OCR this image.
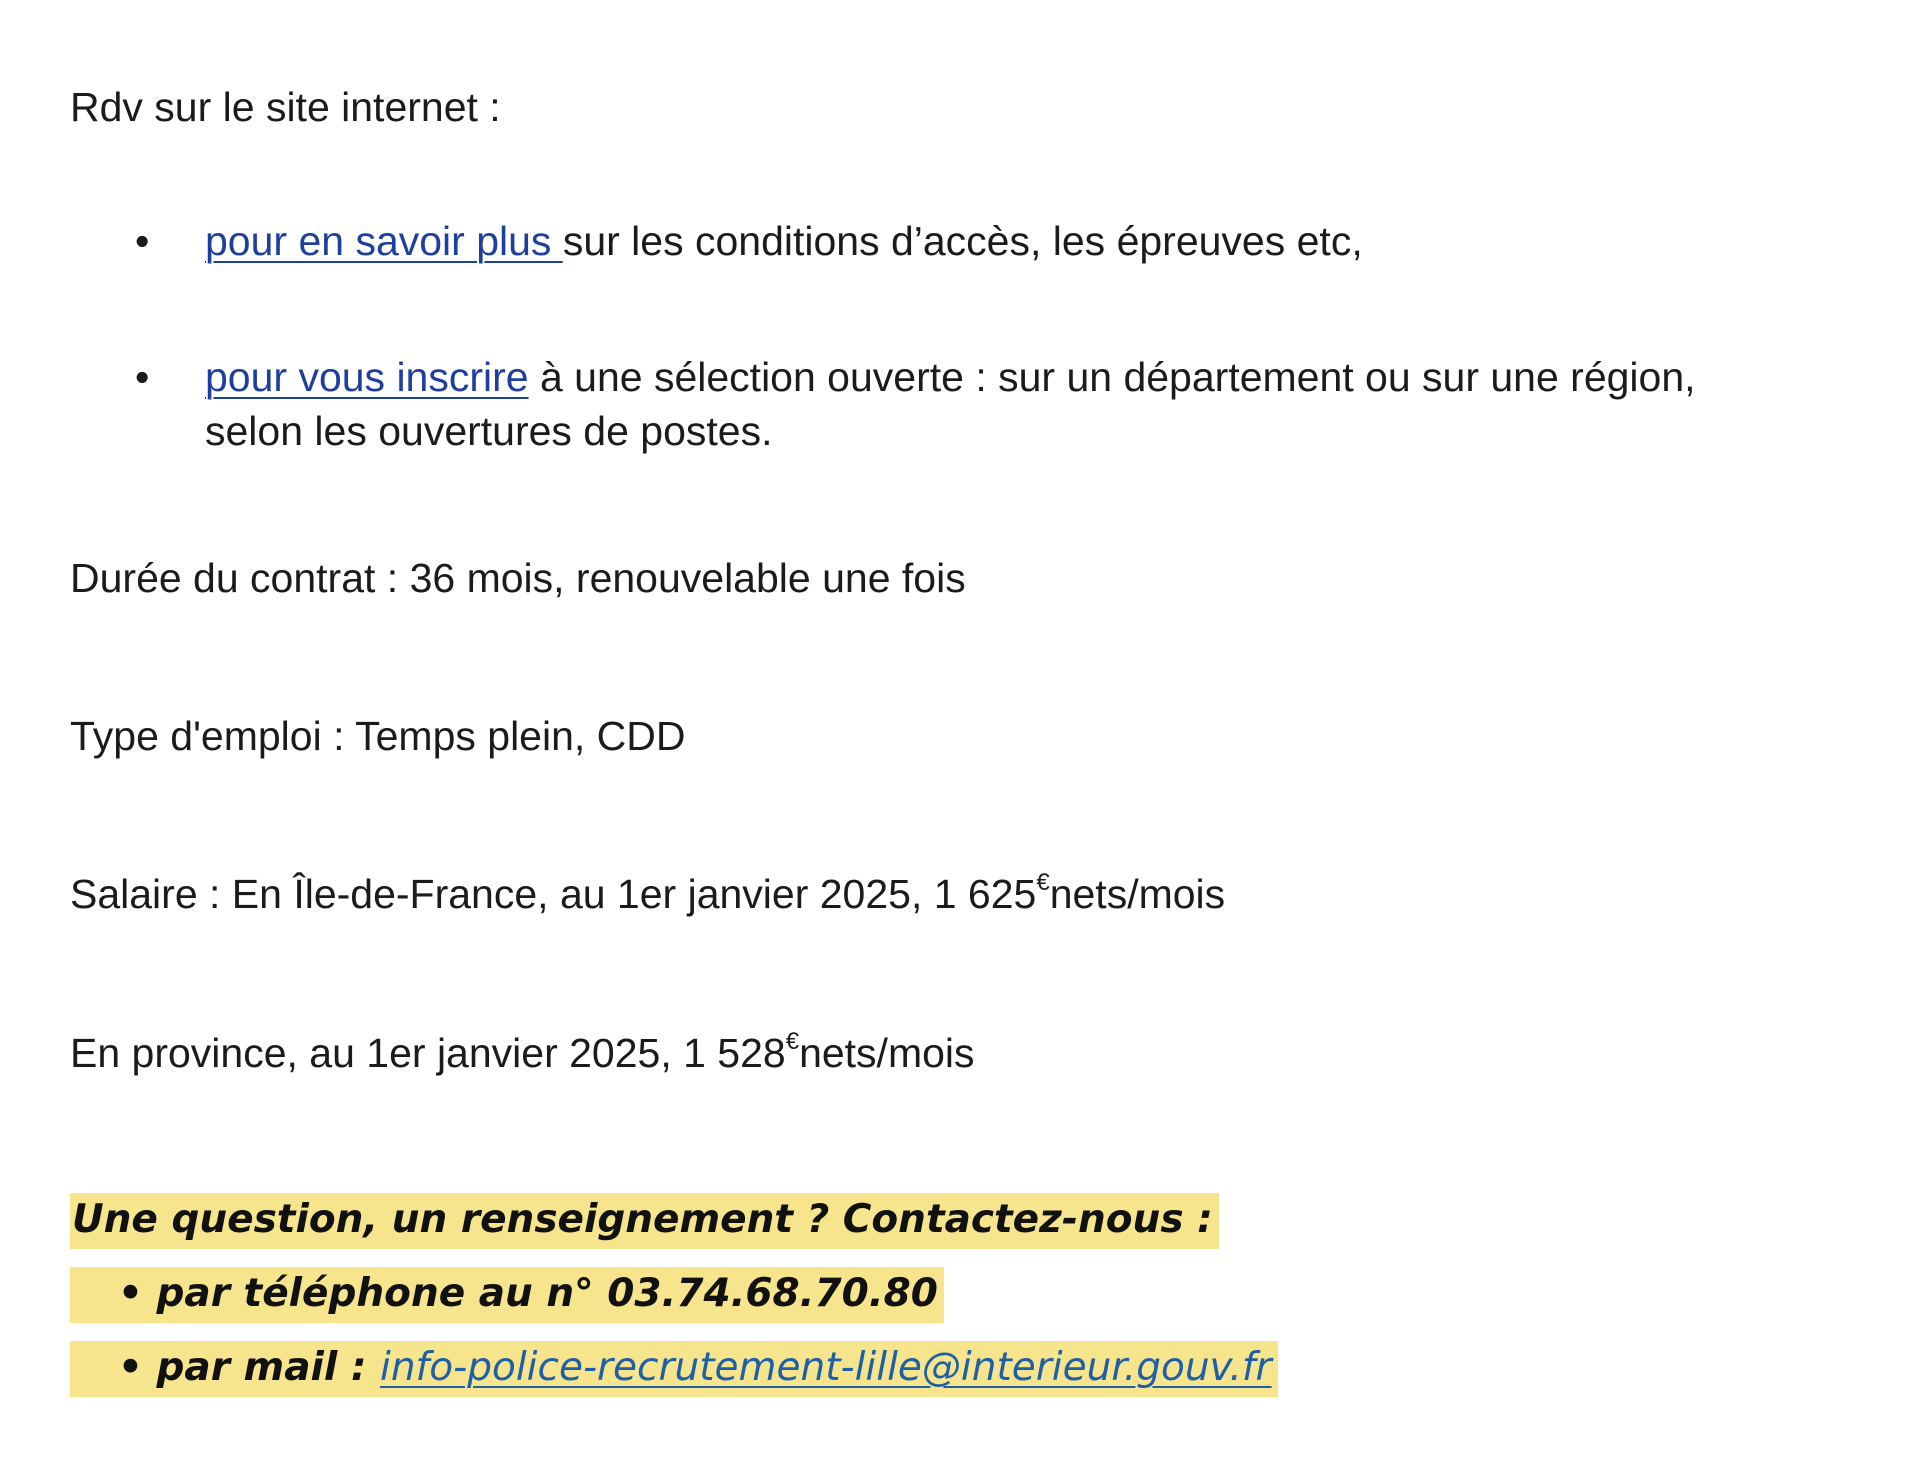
Rdv sur le site internet :

•	pour en savoir plus sur les conditions d’accès, les épreuves etc,
•	pour vous inscrire à une sélection ouverte : sur un département ou sur une région,
selon les ouvertures de postes.

Durée du contrat : 36 mois, renouvelable une fois

Type d'emploi : Temps plein, CDD

Salaire : En Île-de-France, au 1er janvier 2025, 1 625€nets/mois

En province, au 1er janvier 2025, 1 528€nets/mois

Une question, un renseignement ? Contactez-nous :
• par téléphone au n° 03.74.68.70.80
• par mail : info-police-recrutement-lille@interieur.gouv.fr
